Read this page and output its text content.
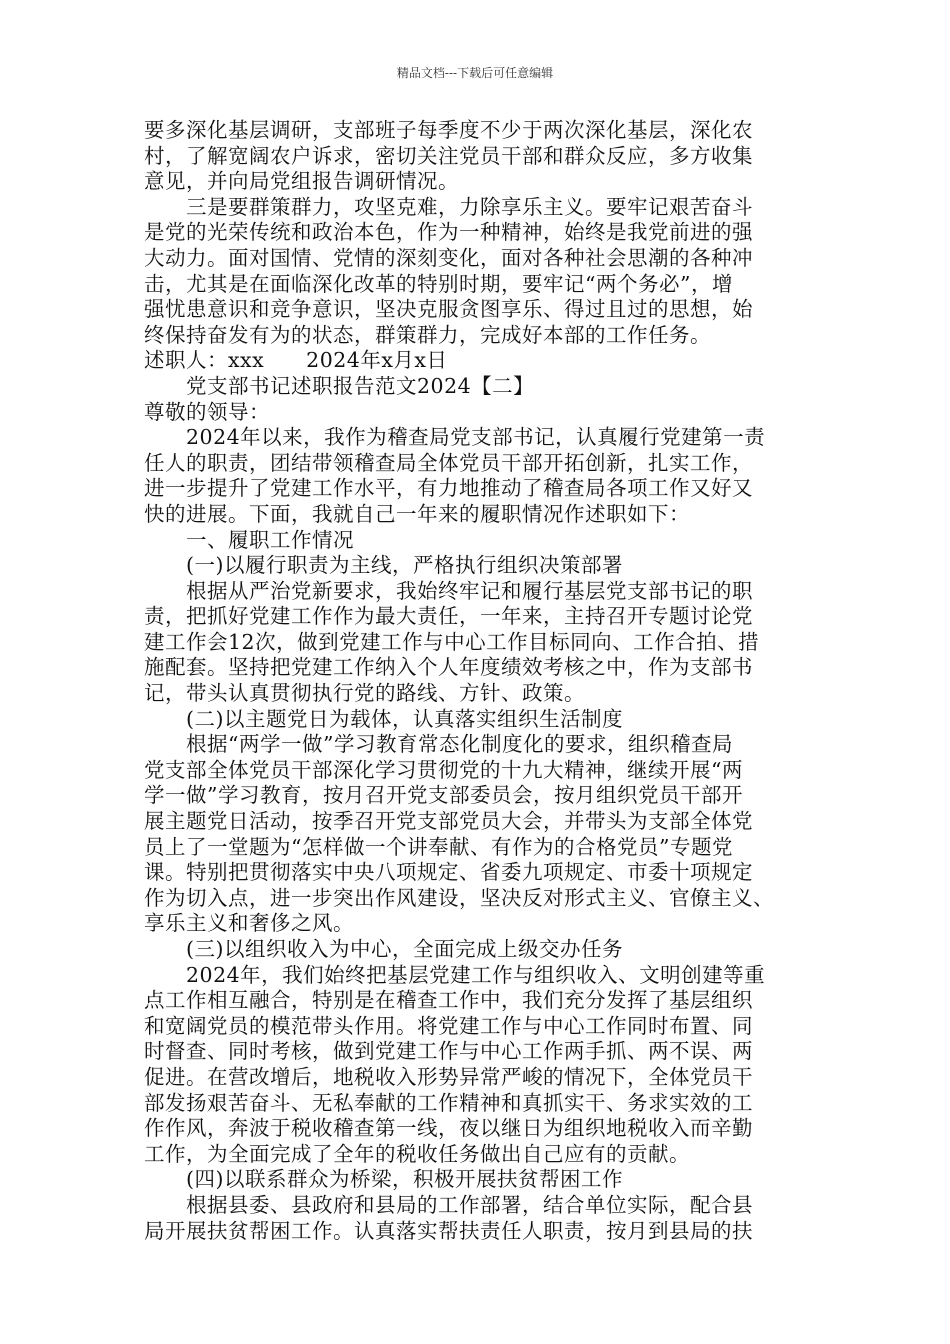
精品文档---下载后可任意编辑
要多深化基层调研，支部班子每季度不少于两次深化基层，深化农
村，了解宽阔农户诉求，密切关注党员干部和群众反应，多方收集
意见，并向局党组报告调研情况。
三是要群策群力，攻坚克难，力除享乐主义。要牢记艰苦奋斗
是党的光荣传统和政治本色，作为一种精神，始终是我党前进的强
大动力。面对国情、党情的深刻变化，面对各种社会思潮的各种冲
击，尤其是在面临深化改革的特别时期，要牢记“两个务必”，增
强忧患意识和竞争意识，坚决克服贪图享乐、得过且过的思想，始
终保持奋发有为的状态，群策群力，完成好本部的工作任务。
述职人：xxx　　2024年x月x日
党支部书记述职报告范文2024【二】
尊敬的领导：
2024年以来，我作为稽查局党支部书记，认真履行党建第一责
任人的职责，团结带领稽查局全体党员干部开拓创新，扎实工作，
进一步提升了党建工作水平，有力地推动了稽查局各项工作又好又
快的进展。下面，我就自己一年来的履职情况作述职如下：
一、履职工作情况
(一)以履行职责为主线，严格执行组织决策部署
根据从严治党新要求，我始终牢记和履行基层党支部书记的职
责，把抓好党建工作作为最大责任，一年来，主持召开专题讨论党
建工作会12次，做到党建工作与中心工作目标同向、工作合拍、措
施配套。坚持把党建工作纳入个人年度绩效考核之中，作为支部书
记，带头认真贯彻执行党的路线、方针、政策。
(二)以主题党日为载体，认真落实组织生活制度
根据“两学一做”学习教育常态化制度化的要求，组织稽查局
党支部全体党员干部深化学习贯彻党的十九大精神，继续开展“两
学一做”学习教育，按月召开党支部委员会，按月组织党员干部开
展主题党日活动，按季召开党支部党员大会，并带头为支部全体党
员上了一堂题为“怎样做一个讲奉献、有作为的合格党员”专题党
课。特别把贯彻落实中央八项规定、省委九项规定、市委十项规定
作为切入点，进一步突出作风建设，坚决反对形式主义、官僚主义、
享乐主义和奢侈之风。
(三)以组织收入为中心，全面完成上级交办任务
2024年，我们始终把基层党建工作与组织收入、文明创建等重
点工作相互融合，特别是在稽查工作中，我们充分发挥了基层组织
和宽阔党员的模范带头作用。将党建工作与中心工作同时布置、同
时督查、同时考核，做到党建工作与中心工作两手抓、两不误、两
促进。在营改增后，地税收入形势异常严峻的情况下，全体党员干
部发扬艰苦奋斗、无私奉献的工作精神和真抓实干、务求实效的工
作作风，奔波于税收稽查第一线，夜以继日为组织地税收入而辛勤
工作，为全面完成了全年的税收任务做出自己应有的贡献。
(四)以联系群众为桥梁，积极开展扶贫帮困工作
根据县委、县政府和县局的工作部署，结合单位实际，配合县
局开展扶贫帮困工作。认真落实帮扶责任人职责，按月到县局的扶
